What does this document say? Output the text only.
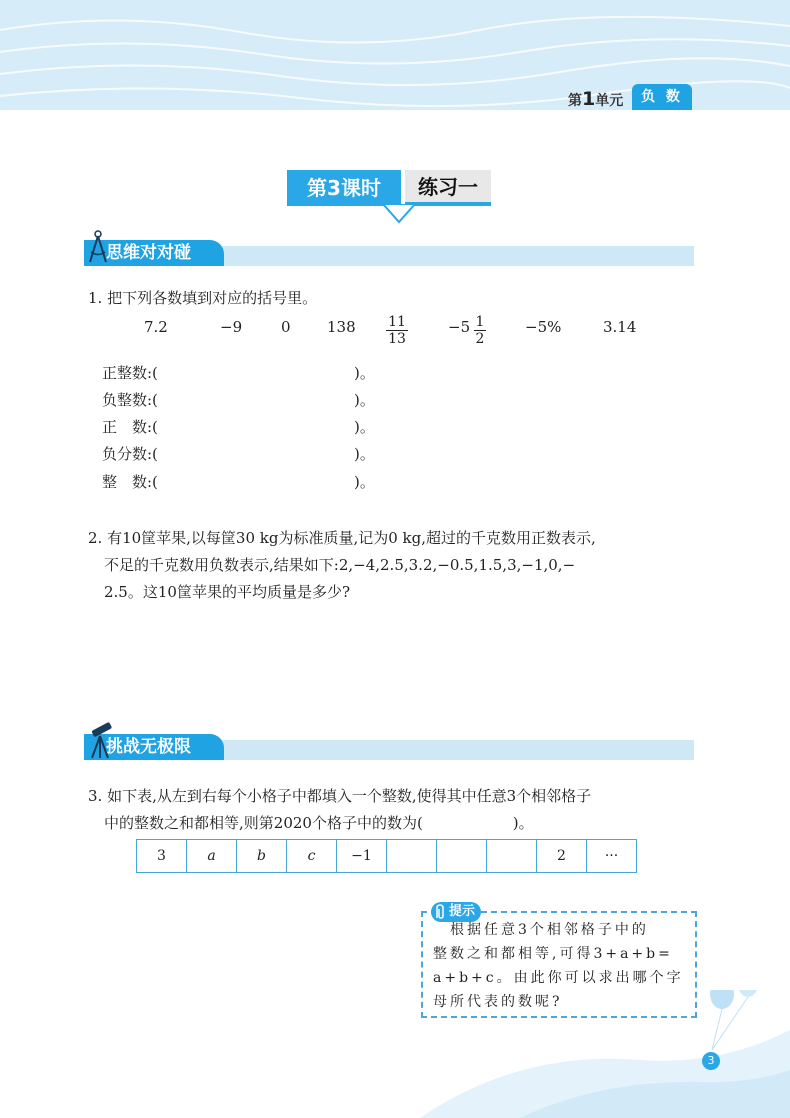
第1单元	负 数
第3课时	练习一
思维对对碰
1. 把下列各数填到对应的括号里。
7.2	−9	0 $138 \frac{11}{13}$	$-5 \frac{1}{2}$	−5%	3.14
正整数:(	)。
负整数:(	)。
正　数:(	)。
负分数:(	)。
整　数:(	)。
2. 有10筐苹果,以每筐30 kg为标准质量,记为0 kg,超过的千克数用正数表示,
不足的千克数用负数表示,结果如下:2,−4,2.5,3.2,−0.5,1.5,3,−1,0,−
2.5。这10筐苹果的平均质量是多少?
挑战无极限
3. 如下表,从左到右每个小格子中都填入一个整数,使得其中任意3个相邻格子
中的整数之和都相等,则第2020个格子中的数为(　　　　　　)。
3	a	b	c	−1				2	···
提示
　根据任意3个相邻格子中的
整数之和都相等,可得3+a+b=
a+b+c。由此你可以求出哪个字
母所代表的数呢?
3
